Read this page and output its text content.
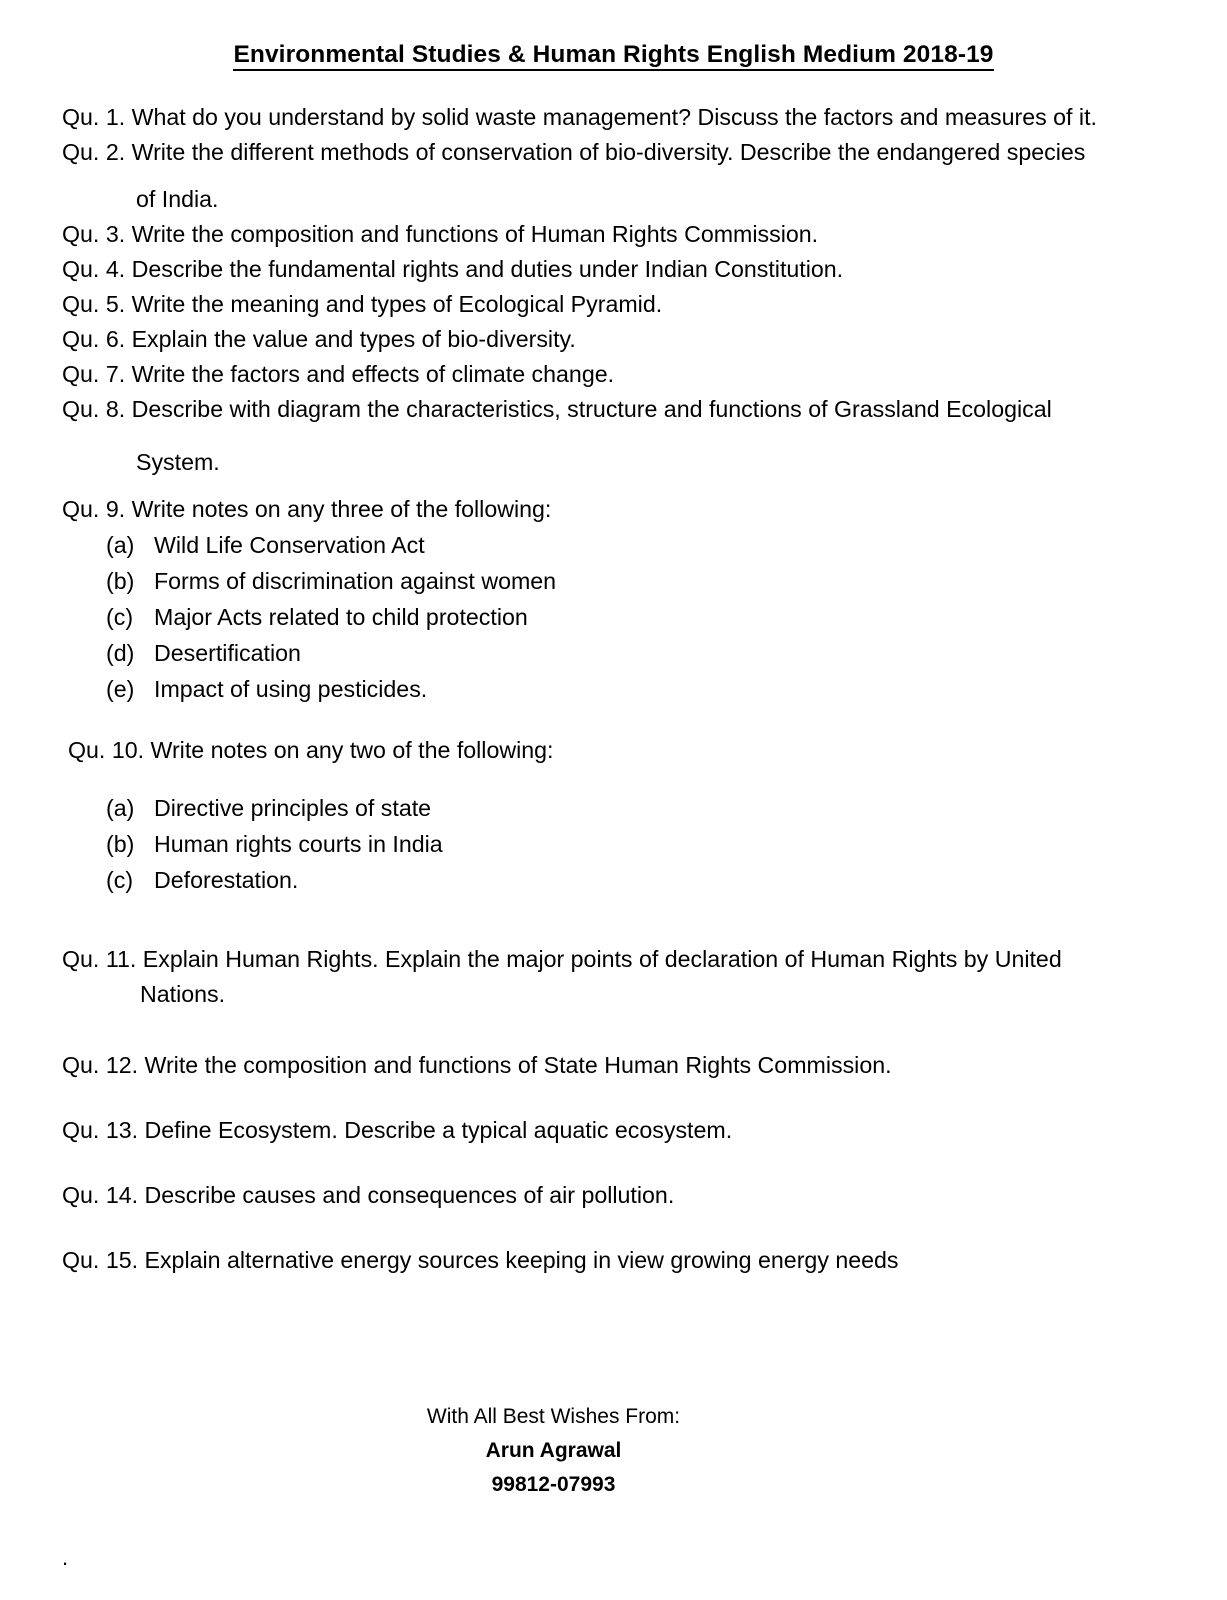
Environmental Studies & Human Rights English Medium 2018-19
Qu. 1. What do you understand by solid waste management? Discuss the factors and measures of it.
Qu. 2. Write the different methods of conservation of bio-diversity. Describe the endangered species
of India.
Qu. 3. Write the composition and functions of Human Rights Commission.
Qu. 4. Describe the fundamental rights and duties under Indian Constitution.
Qu. 5. Write the meaning and types of Ecological Pyramid.
Qu. 6. Explain the value and types of bio-diversity.
Qu. 7. Write the factors and effects of climate change.
Qu. 8. Describe with diagram the characteristics, structure and functions of Grassland Ecological
System.
Qu. 9. Write notes on any three of the following:
(a) Wild Life Conservation Act
(b) Forms of discrimination against women
(c) Major Acts related to child protection
(d) Desertification
(e) Impact of using pesticides.
Qu. 10. Write notes on any two of the following:
(a) Directive principles of state
(b) Human rights courts in India
(c) Deforestation.
Qu. 11. Explain Human Rights. Explain the major points of declaration of Human Rights by United
Nations.
Qu. 12. Write the composition and functions of State Human Rights Commission.
Qu. 13. Define Ecosystem. Describe a typical aquatic ecosystem.
Qu. 14. Describe causes and consequences of air pollution.
Qu. 15. Explain alternative energy sources keeping in view growing energy needs
With All Best Wishes From:
Arun Agrawal
99812-07993
.
